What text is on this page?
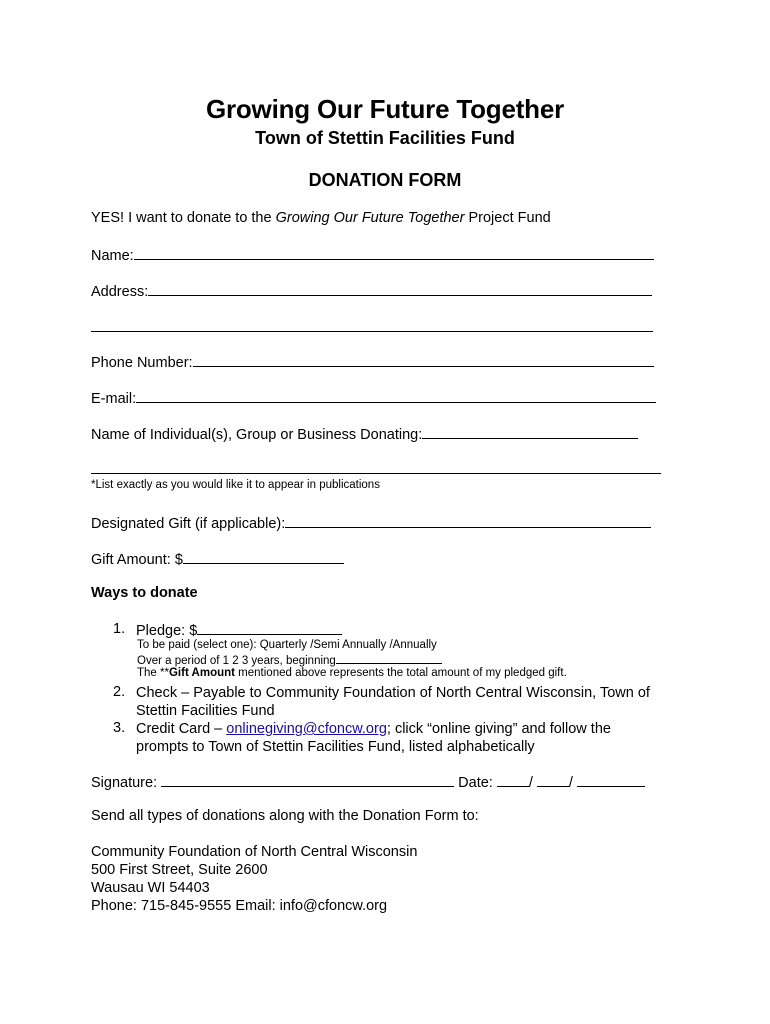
Growing Our Future Together
Town of Stettin Facilities Fund
DONATION FORM
YES! I want to donate to the Growing Our Future Together Project Fund
Name:
Address:
Phone Number:
E-mail:
Name of Individual(s), Group or Business Donating:
*List exactly as you would like it to appear in publications
Designated Gift (if applicable):
Gift Amount: $
Ways to donate
1. Pledge: $
To be paid (select one): Quarterly /Semi Annually /Annually
Over a period of 1 2 3 years, beginning
The **Gift Amount mentioned above represents the total amount of my pledged gift.
2. Check – Payable to Community Foundation of North Central Wisconsin, Town of
Stettin Facilities Fund
3. Credit Card – onlinegiving@cfoncw.org; click “online giving” and follow the
prompts to Town of Stettin Facilities Fund, listed alphabetically
Signature:	Date: / /
Send all types of donations along with the Donation Form to:
Community Foundation of North Central Wisconsin
500 First Street, Suite 2600
Wausau WI 54403
Phone: 715-845-9555 Email: info@cfoncw.org
